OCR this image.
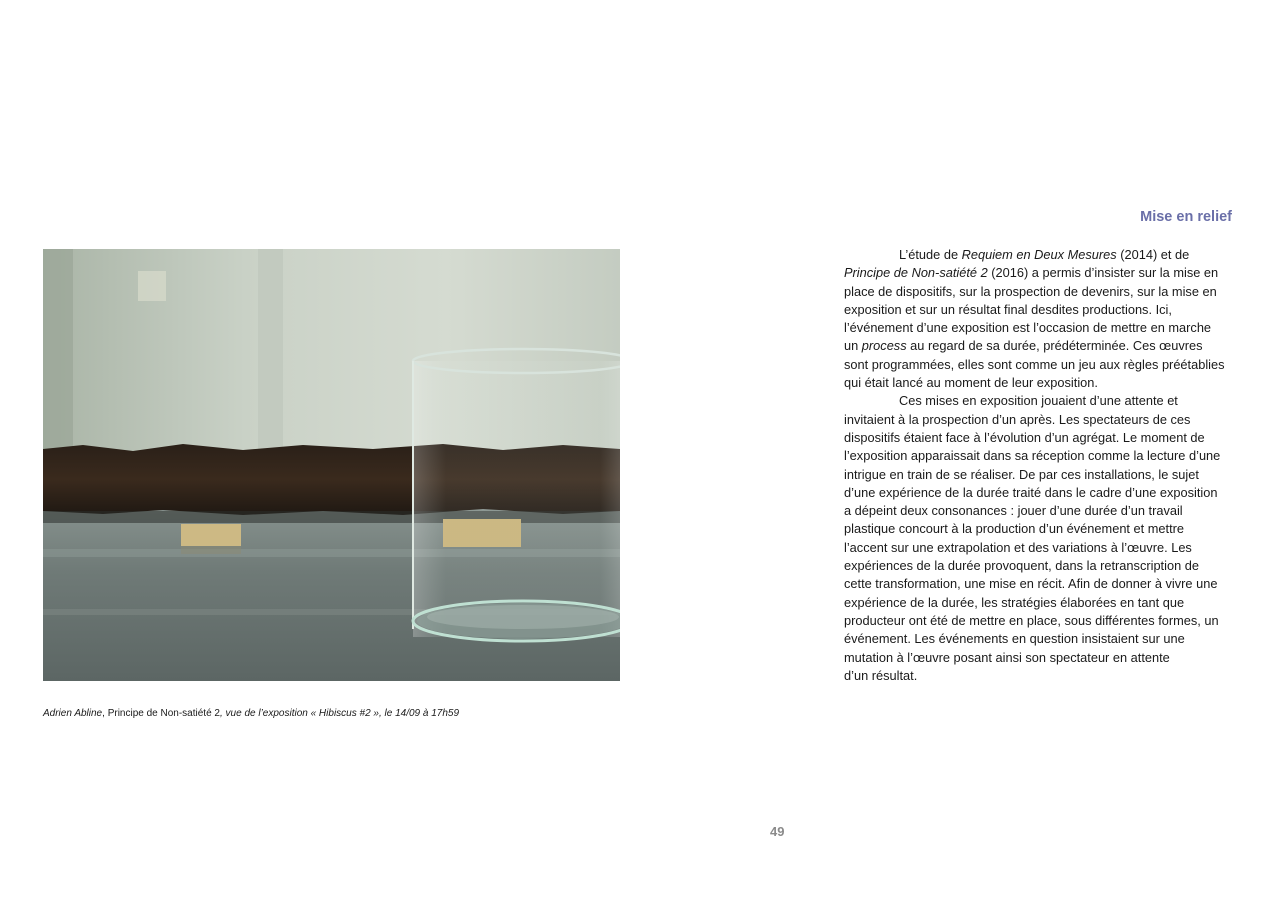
Mise en relief
Adrien Abline, Principe de Non-satiété 2, vue de l’exposition « Hibiscus #2 », le 14/09 à 17h59
L’étude de Requiem en Deux Mesures (2014) et de
Principe de Non-satiété 2 (2016) a permis d’insister sur la mise en
place de dispositifs, sur la prospection de devenirs, sur la mise en
exposition et sur un résultat final desdites productions. Ici,
l’événement d’une exposition est l’occasion de mettre en marche
un process au regard de sa durée, prédéterminée. Ces œuvres
sont programmées, elles sont comme un jeu aux règles préétablies
qui était lancé au moment de leur exposition.
Ces mises en exposition jouaient d’une attente et
invitaient à la prospection d’un après. Les spectateurs de ces
dispositifs étaient face à l’évolution d’un agrégat. Le moment de
l’exposition apparaissait dans sa réception comme la lecture d’une
intrigue en train de se réaliser. De par ces installations, le sujet
d’une expérience de la durée traité dans le cadre d’une exposition
a dépeint deux consonances : jouer d’une durée d’un travail
plastique concourt à la production d’un événement et mettre
l’accent sur une extrapolation et des variations à l’œuvre. Les
expériences de la durée provoquent, dans la retranscription de
cette transformation, une mise en récit. Afin de donner à vivre une
expérience de la durée, les stratégies élaborées en tant que
producteur ont été de mettre en place, sous différentes formes, un
événement. Les événements en question insistaient sur une
mutation à l’œuvre posant ainsi son spectateur en attente
d’un résultat.
49
